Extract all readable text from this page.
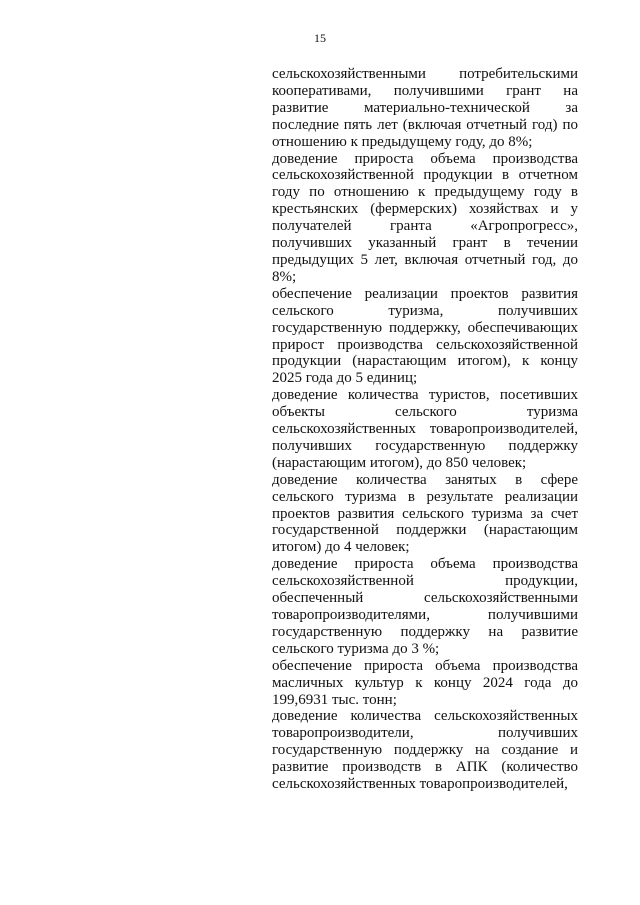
15

сельскохозяйственными потребительскими кооперативами, получившими грант на развитие материально-технической за последние пять лет (включая отчетный год) по отношению к предыдущему году, до 8%;

доведение прироста объема производства сельскохозяйственной продукции в отчетном году по отношению к предыдущему году в крестьянских (фермерских) хозяйствах и у получателей гранта «Агропрогресс», получивших указанный грант в течении предыдущих 5 лет, включая отчетный год, до 8%;

обеспечение реализации проектов развития сельского туризма, получивших государственную поддержку, обеспечивающих прирост производства сельскохозяйственной продукции (нарастающим итогом), к концу 2025 года до 5 единиц;

доведение количества туристов, посетивших объекты сельского туризма сельскохозяйственных товаропроизводителей, получивших государственную поддержку (нарастающим итогом), до 850 человек;

доведение количества занятых в сфере сельского туризма в результате реализации проектов развития сельского туризма за счет государственной поддержки (нарастающим итогом) до 4 человек;

доведение прироста объема производства сельскохозяйственной продукции, обеспеченный сельскохозяйственными товаропроизводителями, получившими государственную поддержку на развитие сельского туризма до 3 %;

обеспечение прироста объема производства масличных культур к концу 2024 года до 199,6931 тыс. тонн;

доведение количества сельскохозяйственных товаропроизводители, получивших государственную поддержку на создание и развитие производств в АПК (количество сельскохозяйственных товаропроизводителей,
